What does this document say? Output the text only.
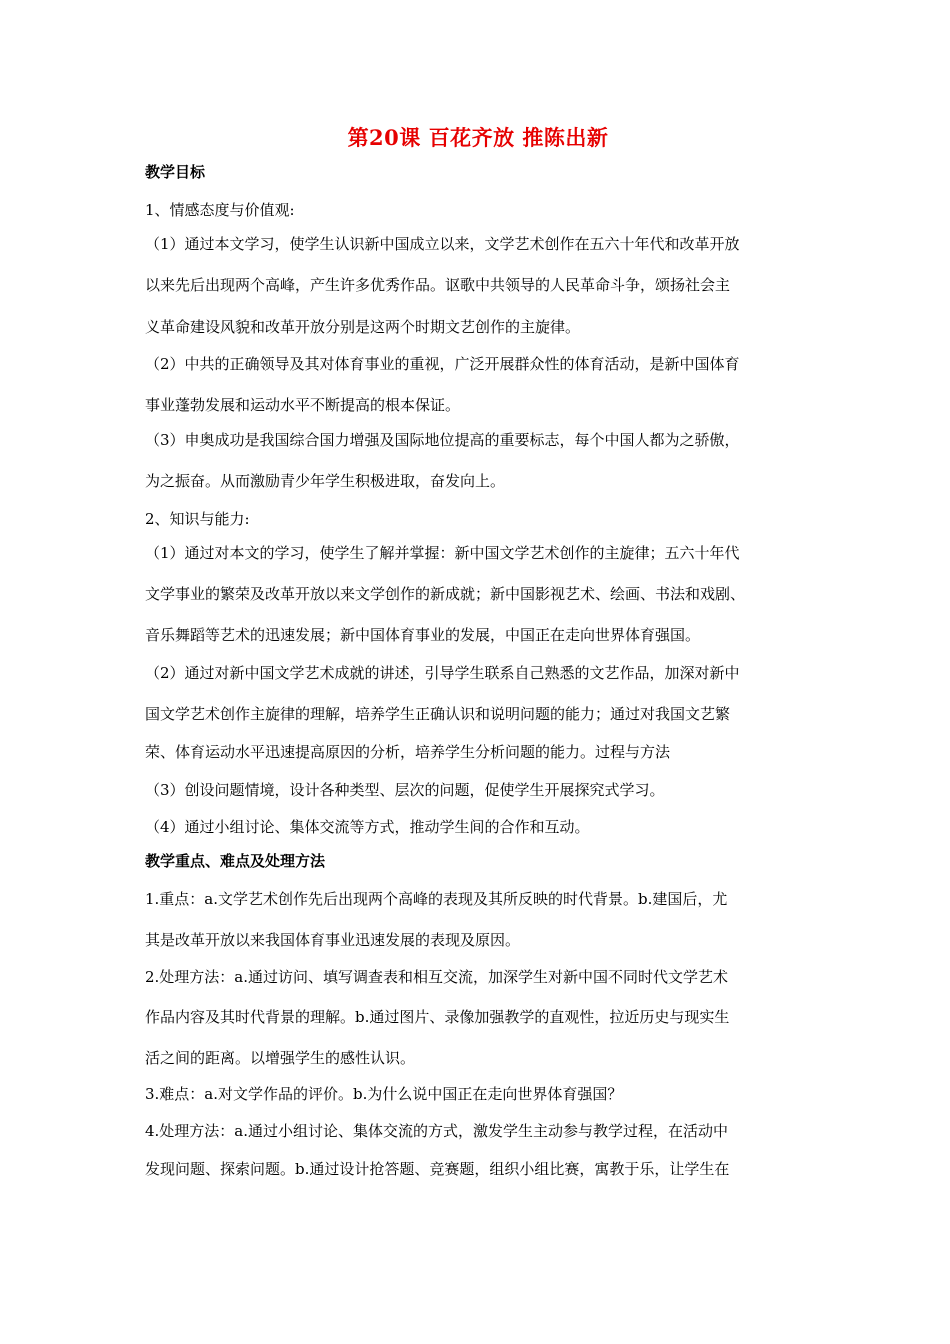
第20课 百花齐放 推陈出新
教学目标
1、情感态度与价值观:
（1）通过本文学习，使学生认识新中国成立以来，文学艺术创作在五六十年代和改革开放
以来先后出现两个高峰，产生许多优秀作品。讴歌中共领导的人民革命斗争，颂扬社会主
义革命建设风貌和改革开放分别是这两个时期文艺创作的主旋律。
（2）中共的正确领导及其对体育事业的重视，广泛开展群众性的体育活动，是新中国体育
事业蓬勃发展和运动水平不断提高的根本保证。
（3）申奥成功是我国综合国力增强及国际地位提高的重要标志，每个中国人都为之骄傲，
为之振奋。从而激励青少年学生积极进取，奋发向上。
2、知识与能力:
（1）通过对本文的学习，使学生了解并掌握：新中国文学艺术创作的主旋律；五六十年代
文学事业的繁荣及改革开放以来文学创作的新成就；新中国影视艺术、绘画、书法和戏剧、
音乐舞蹈等艺术的迅速发展；新中国体育事业的发展，中国正在走向世界体育强国。
（2）通过对新中国文学艺术成就的讲述，引导学生联系自己熟悉的文艺作品，加深对新中
国文学艺术创作主旋律的理解，培养学生正确认识和说明问题的能力；通过对我国文艺繁
荣、体育运动水平迅速提高原因的分析，培养学生分析问题的能力。过程与方法
（3）创设问题情境，设计各种类型、层次的问题，促使学生开展探究式学习。
（4）通过小组讨论、集体交流等方式，推动学生间的合作和互动。
教学重点、难点及处理方法
1.重点：a.文学艺术创作先后出现两个高峰的表现及其所反映的时代背景。b.建国后，尤
其是改革开放以来我国体育事业迅速发展的表现及原因。
2.处理方法：a.通过访问、填写调查表和相互交流，加深学生对新中国不同时代文学艺术
作品内容及其时代背景的理解。b.通过图片、录像加强教学的直观性，拉近历史与现实生
活之间的距离。以增强学生的感性认识。
3.难点：a.对文学作品的评价。b.为什么说中国正在走向世界体育强国？
4.处理方法：a.通过小组讨论、集体交流的方式，激发学生主动参与教学过程，在活动中
发现问题、探索问题。b.通过设计抢答题、竞赛题，组织小组比赛，寓教于乐，让学生在
